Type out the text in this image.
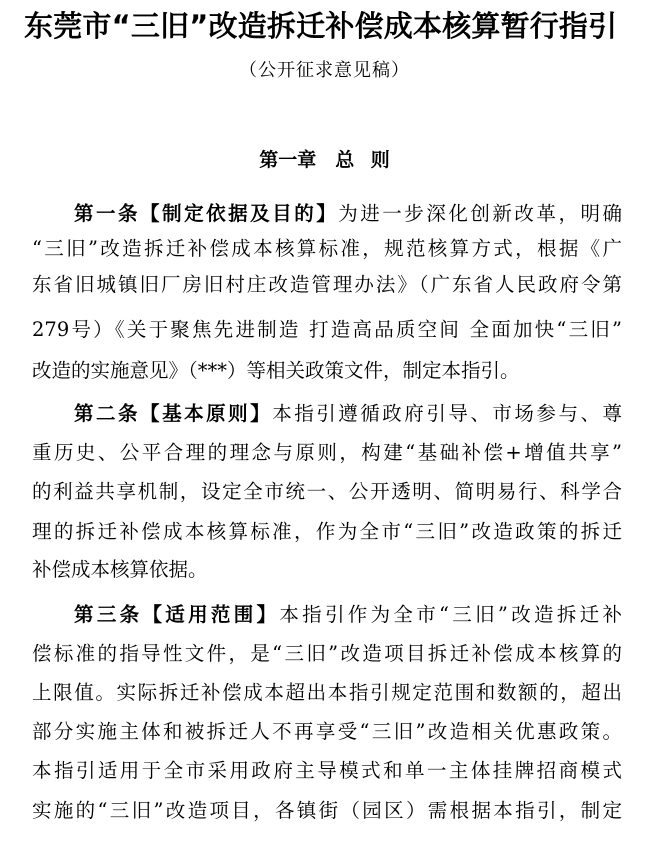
东莞市“三旧”改造拆迁补偿成本核算暂行指引
（公开征求意见稿）
第一章　总 则
第一条【制定依据及目的】为进一步深化创新改革，明确
“三旧”改造拆迁补偿成本核算标准，规范核算方式，根据《广
东省旧城镇旧厂房旧村庄改造管理办法》（广东省人民政府令第
279号）《关于聚焦先进制造 打造高品质空间 全面加快“三旧”
改造的实施意见》（***）等相关政策文件，制定本指引。
第二条【基本原则】本指引遵循政府引导、市场参与、尊
重历史、公平合理的理念与原则，构建“基础补偿+增值共享”
的利益共享机制，设定全市统一、公开透明、简明易行、科学合
理的拆迁补偿成本核算标准，作为全市“三旧”改造政策的拆迁
补偿成本核算依据。
第三条【适用范围】本指引作为全市“三旧”改造拆迁补
偿标准的指导性文件，是“三旧”改造项目拆迁补偿成本核算的
上限值。实际拆迁补偿成本超出本指引规定范围和数额的，超出
部分实施主体和被拆迁人不再享受“三旧”改造相关优惠政策。
本指引适用于全市采用政府主导模式和单一主体挂牌招商模式
实施的“三旧”改造项目，各镇街（园区）需根据本指引，制定
